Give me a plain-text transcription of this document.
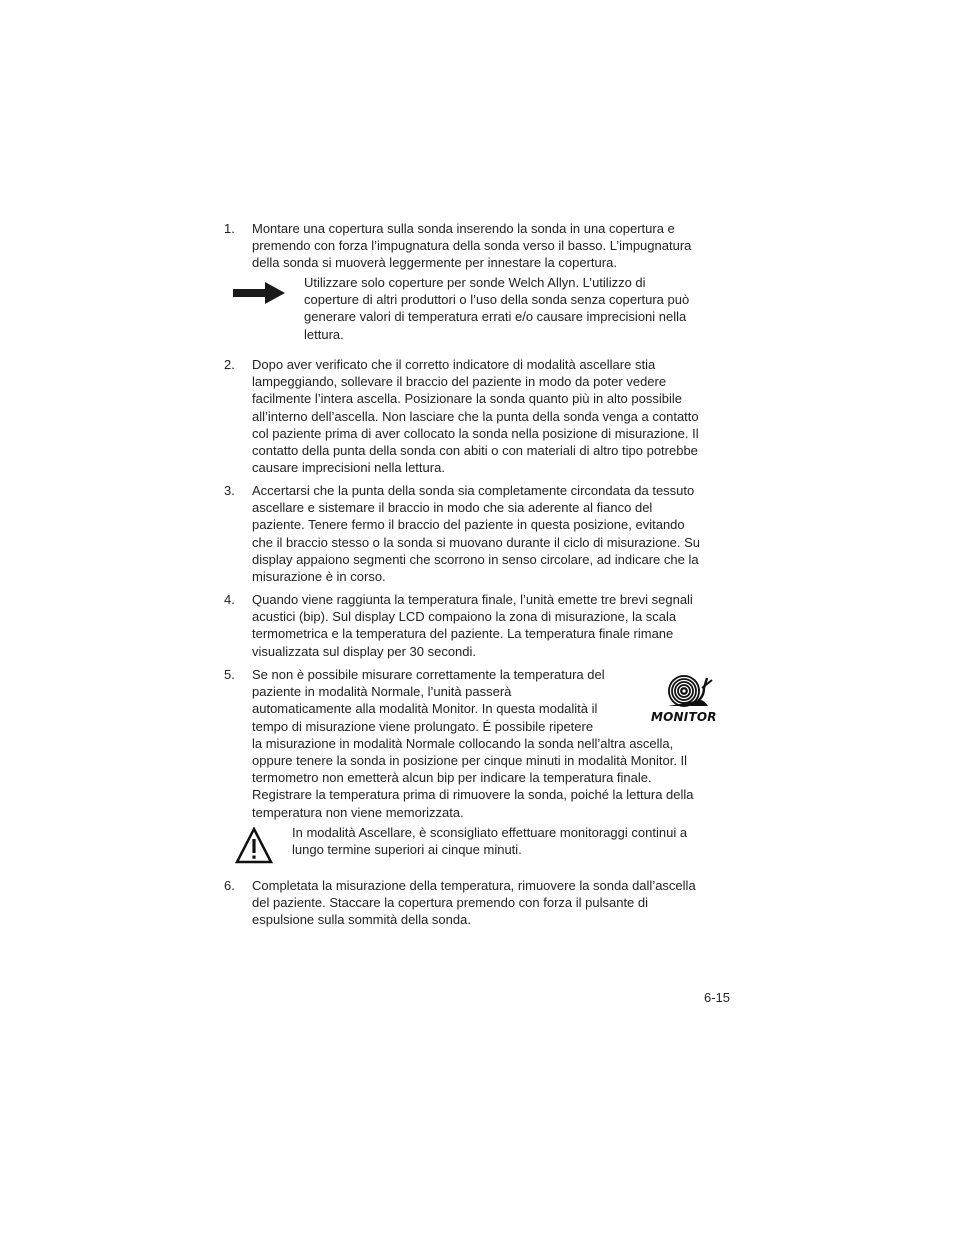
1. Montare una copertura sulla sonda inserendo la sonda in una copertura e

premendo con forza l’impugnatura della sonda verso il basso. L’impugnatura

della sonda si muoverà leggermente per innestare la copertura.

Utilizzare solo coperture per sonde Welch Allyn. L’utilizzo di

coperture di altri produttori o l’uso della sonda senza copertura può

generare valori di temperatura errati e/o causare imprecisioni nella

lettura.

2. Dopo aver verificato che il corretto indicatore di modalità ascellare stia

lampeggiando, sollevare il braccio del paziente in modo da poter vedere

facilmente l’intera ascella. Posizionare la sonda quanto più in alto possibile

all’interno dell’ascella. Non lasciare che la punta della sonda venga a contatto

col paziente prima di aver collocato la sonda nella posizione di misurazione. Il

contatto della punta della sonda con abiti o con materiali di altro tipo potrebbe

causare imprecisioni nella lettura.

3. Accertarsi che la punta della sonda sia completamente circondata da tessuto

ascellare e sistemare il braccio in modo che sia aderente al fianco del

paziente. Tenere fermo il braccio del paziente in questa posizione, evitando

che il braccio stesso o la sonda si muovano durante il ciclo di misurazione. Su

display appaiono segmenti che scorrono in senso circolare, ad indicare che la

misurazione è in corso.

4. Quando viene raggiunta la temperatura finale, l’unità emette tre brevi segnali

acustici (bip). Sul display LCD compaiono la zona di misurazione, la scala

termometrica e la temperatura del paziente. La temperatura finale rimane

visualizzata sul display per 30 secondi.

5. Se non è possibile misurare correttamente la temperatura del

paziente in modalità Normale, l’unità passerà

automaticamente alla modalità Monitor. In questa modalità il

tempo di misurazione viene prolungato. É possibile ripetere

la misurazione in modalità Normale collocando la sonda nell’altra ascella,

oppure tenere la sonda in posizione per cinque minuti in modalità Monitor. Il

termometro non emetterà alcun bip per indicare la temperatura finale.

Registrare la temperatura prima di rimuovere la sonda, poiché la lettura della

temperatura non viene memorizzata.

MONITOR

In modalità Ascellare, è sconsigliato effettuare monitoraggi continui a

lungo termine superiori ai cinque minuti.

6. Completata la misurazione della temperatura, rimuovere la sonda dall’ascella

del paziente. Staccare la copertura premendo con forza il pulsante di

espulsione sulla sommità della sonda.

6-15
